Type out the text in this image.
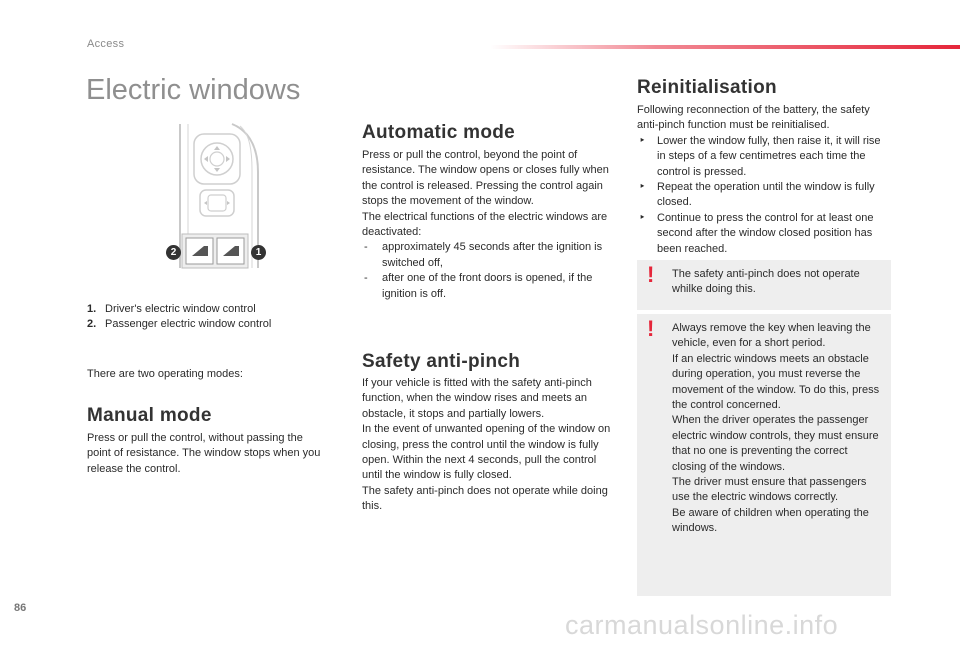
Access
Electric windows
2	1
1. Driver's electric window control
2. Passenger electric window control

There are two operating modes:

Manual mode

Press or pull the control, without passing the point of resistance. The window stops when you release the control.

Automatic mode

Press or pull the control, beyond the point of resistance. The window opens or closes fully when the control is released. Pressing the control again stops the movement of the window.

The electrical functions of the electric windows are deactivated:

- approximately 45 seconds after the ignition is switched off,
- after one of the front doors is opened, if the ignition is off.
Safety anti-pinch

If your vehicle is fitted with the safety anti-pinch function, when the window rises and meets an obstacle, it stops and partially lowers.

In the event of unwanted opening of the window on closing, press the control until the window is fully open. Within the next 4 seconds, pull the control until the window is fully closed.

The safety anti-pinch does not operate while doing this.

Reinitialisation

Following reconnection of the battery, the safety anti-pinch function must be reinitialised.

‣ Lower the window fully, then raise it, it will rise in steps of a few centimetres each time the control is pressed.
‣ Repeat the operation until the window is fully closed.
‣ Continue to press the control for at least one second after the window closed position has been reached.
! The safety anti-pinch does not operate whilke doing this.
! Always remove the key when leaving the vehicle, even for a short period.
If an electric windows meets an obstacle during operation, you must reverse the movement of the window. To do this, press the control concerned.
When the driver operates the passenger electric window controls, they must ensure that no one is preventing the correct closing of the windows.
The driver must ensure that passengers use the electric windows correctly.
Be aware of children when operating the windows.
86
carmanualsonline.info
